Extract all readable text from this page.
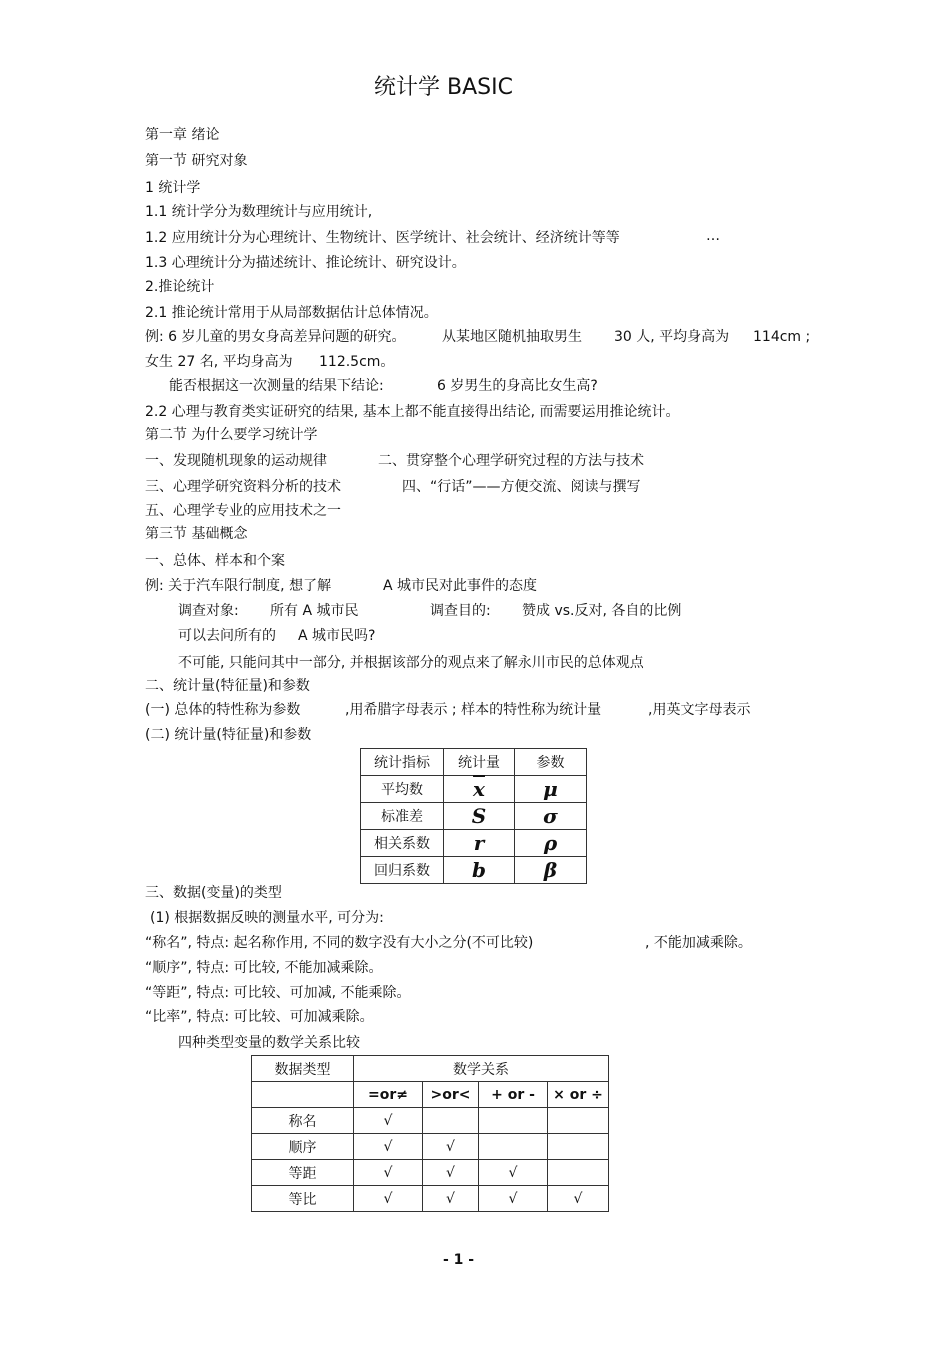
统计学 BASIC
第一章 绪论
第一节 研究对象
1 统计学
1.1 统计学分为数理统计与应用统计,
1.2 应用统计分为心理统计、生物统计、医学统计、社会统计、经济统计等等	…
1.3 心理统计分为描述统计、推论统计、研究设计。
2.推论统计
2.1 推论统计常用于从局部数据估计总体情况。
例: 6 岁儿童的男女身高差异问题的研究。	从某地区随机抽取男生 30 人, 平均身高为 114cm ;
女生 27 名, 平均身高为 112.5cm。
能否根据这一次测量的结果下结论:	6 岁男生的身高比女生高?
2.2 心理与教育类实证研究的结果, 基本上都不能直接得出结论, 而需要运用推论统计。
第二节 为什么要学习统计学
一、发现随机现象的运动规律	二、贯穿整个心理学研究过程的方法与技术
三、心理学研究资料分析的技术	四、“行话”——方便交流、阅读与撰写
五、心理学专业的应用技术之一
第三节 基础概念
一、总体、样本和个案
例: 关于汽车限行制度, 想了解	A 城市民对此事件的态度
调查对象: 所有 A 城市民	调查目的: 赞成 vs.反对, 各自的比例
可以去问所有的 A 城市民吗?
不可能, 只能问其中一部分, 并根据该部分的观点来了解永川市民的总体观点
二、统计量(特征量)和参数
(一) 总体的特性称为参数	,用希腊字母表示 ; 样本的特性称为统计量	,用英文字母表示
(二) 统计量(特征量)和参数
统计指标	统计量	参数
平均数	$\overline{x}$	μ
标准差	S	σ
相关系数	r	ρ
回归系数	b	β
三、数据(变量)的类型
(1) 根据数据反映的测量水平, 可分为:
“称名”, 特点: 起名称作用, 不同的数字没有大小之分(不可比较)	, 不能加减乘除。
“顺序”, 特点: 可比较, 不能加减乘除。
“等距”, 特点: 可比较、可加减, 不能乘除。
“比率”, 特点: 可比较、可加减乘除。
四种类型变量的数学关系比较
数据类型	数学关系			
	=or≠	>or<	+ or -	× or ÷
称名	√			
顺序	√	√		
等距	√	√	√	
等比	√	√	√	√
- 1 -
